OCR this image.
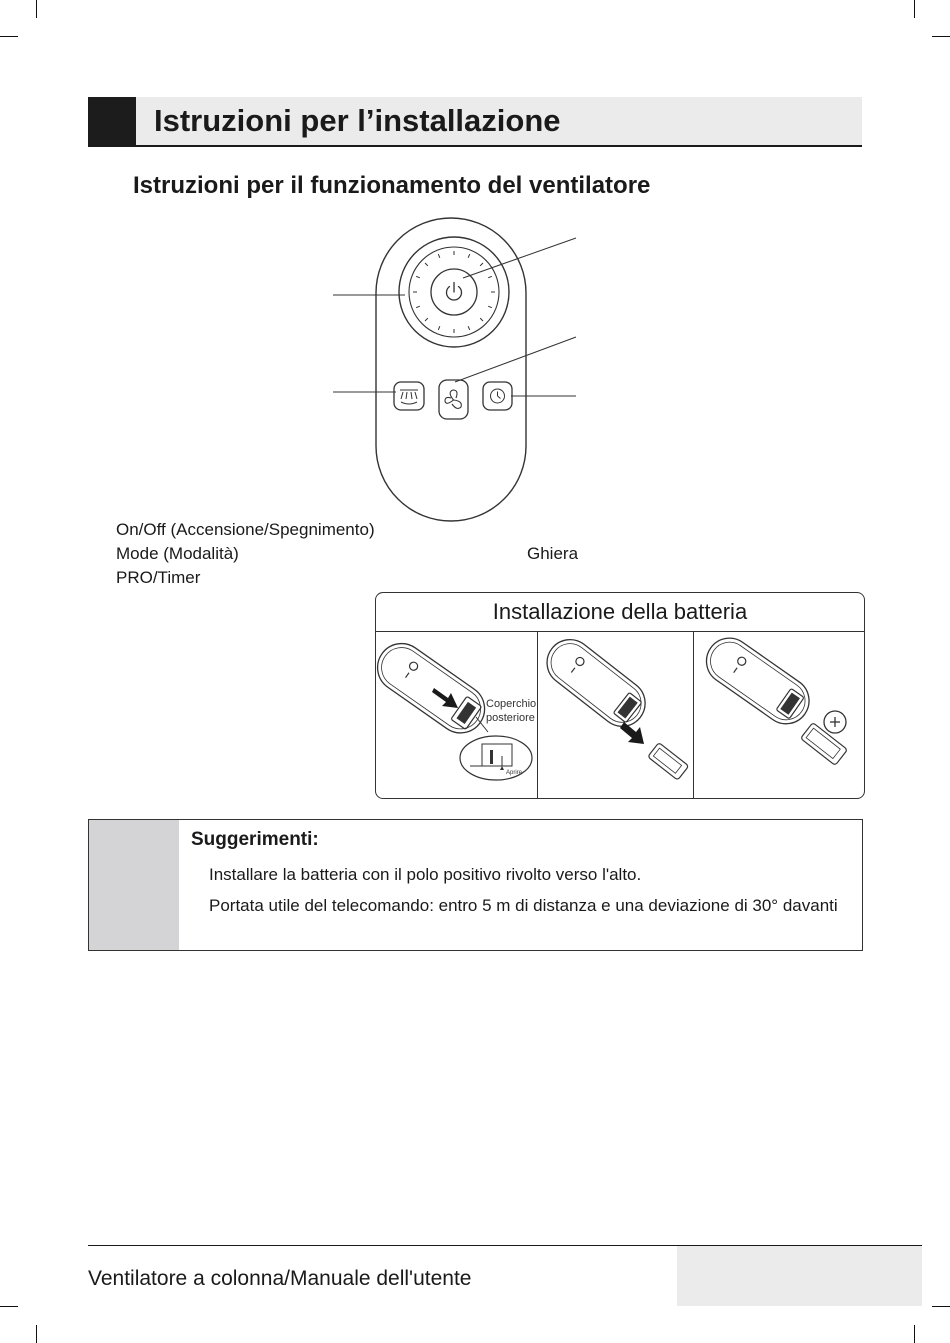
Istruzioni per l’installazione
Istruzioni per il funzionamento del ventilatore
On/Off (Accensione/Spegnimento)
Mode (Modalità)
PRO/Timer
Ghiera
Installazione della batteria
Aprire
Coperchio
posteriore
Suggerimenti:
Installare la batteria con il polo positivo rivolto verso l'alto.
Portata utile del telecomando: entro 5 m di distanza e una deviazione di 30° davanti
Ventilatore a colonna/Manuale dell'utente
